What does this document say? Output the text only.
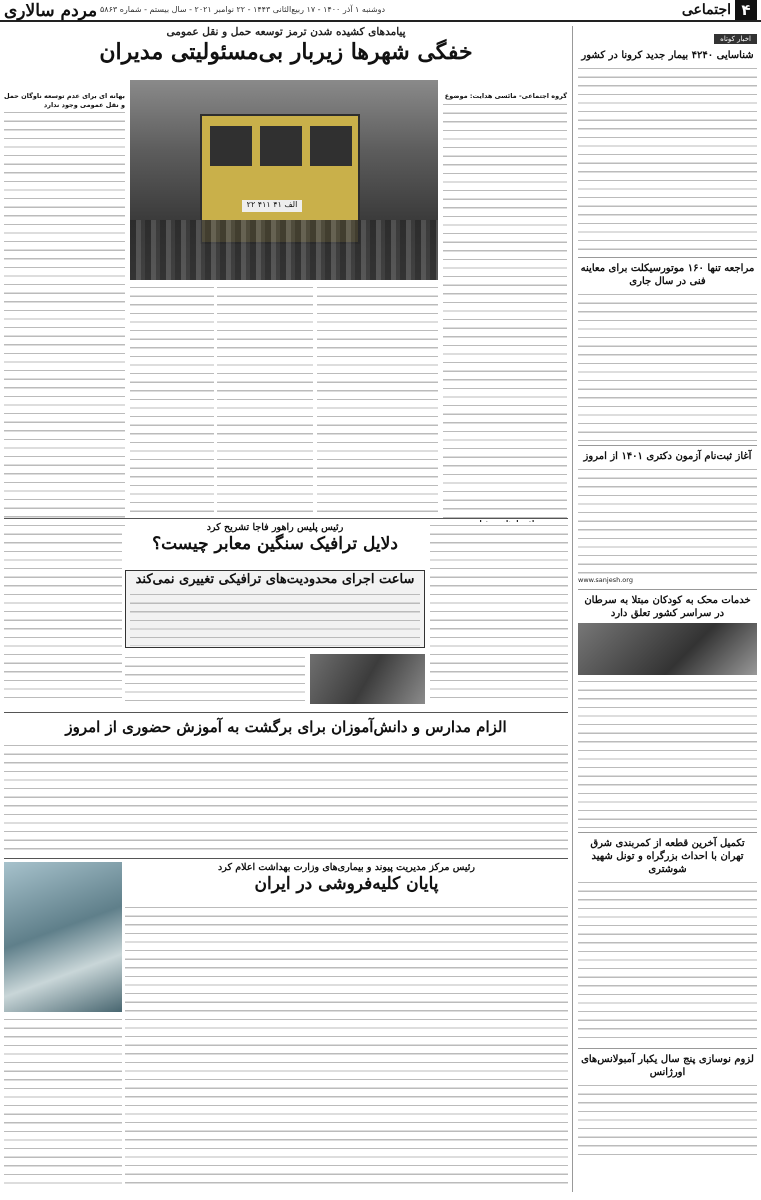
۴
اجتماعی
دوشنبه ۱ آذر ۱۴۰۰ - ۱۷ ربیع‌الثانی ۱۴۴۳ - ۲۲ نوامبر ۲۰۲۱ - سال بیستم - شماره ۵۸۶۳
مردم سالاری
اخبار کوتاه
شناسایی ۴۲۴۰ بیمار جدید کرونا در کشور
مراجعه تنها ۱۶۰ موتورسیکلت برای معاینه فنی در سال جاری
آغاز ثبت‌نام آزمون دکتری ۱۴۰۱ از امروز
www.sanjesh.org
خدمات محک به کودکان مبتلا به سرطان در سراسر کشور تعلق دارد
تکمیل آخرین قطعه از کمربندی شرق تهران با احداث بزرگراه و تونل شهید شوشتری
لزوم نوسازی پنج سال یکبار آمبولانس‌های اورژانس
پیامدهای کشیده شدن ترمز توسعه حمل و نقل عمومی
خفگی شهرها زیربار بی‌مسئولیتی مدیران
گروه اجتماعی- مائسی هدایت: موضوع
۲۲ ۴۱۱ الف ۴۱
بهانه ای برای عدم توسعه ناوگان حمل و نقل عمومی وجود ندارد
رئیس پلیس راهور فاجا تشریح کرد
دلایل ترافیک سنگین معابر چیست؟
ساعت اجرای محدودیت‌های ترافیکی تغییری نمی‌کند
الزام مدارس و دانش‌آموزان برای برگشت به آموزش حضوری از امروز
رئیس مرکز مدیریت پیوند و بیماری‌های وزارت بهداشت اعلام کرد
پایان کلیه‌فروشی در ایران
